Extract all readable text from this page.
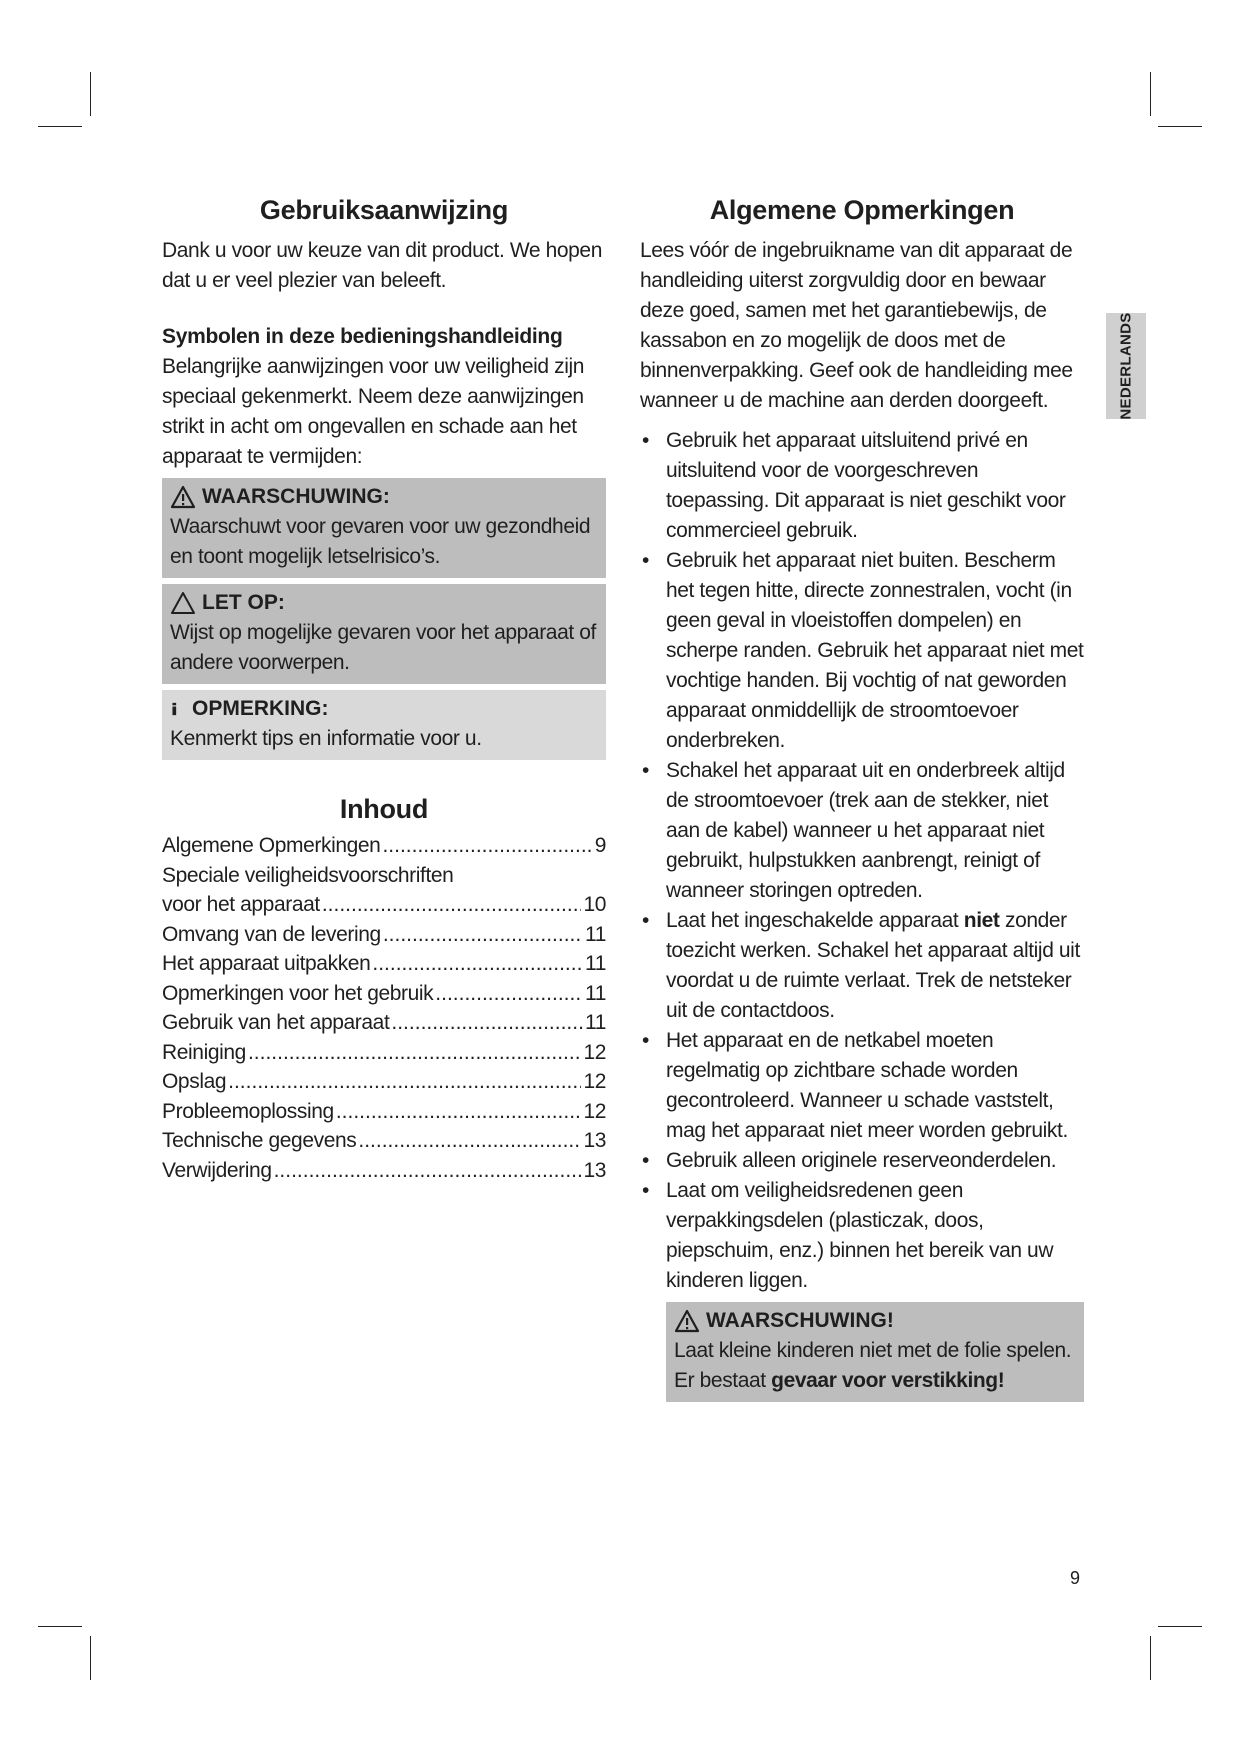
Gebruiksaanwijzing

Dank u voor uw keuze van dit product. We hopen dat u er veel plezier van beleeft.

Symbolen in deze bedieningshandleiding

Belangrijke aanwijzingen voor uw veiligheid zijn speciaal gekenmerkt. Neem deze aanwijzingen strikt in acht om ongevallen en schade aan het apparaat te vermijden:

WAARSCHUWING:
Waarschuwt voor gevaren voor uw gezondheid en toont mogelijk letselrisico’s.
LET OP:
Wijst op mogelijke gevaren voor het apparaat of andere voorwerpen.
OPMERKING:
Kenmerkt tips en informatie voor u.
Inhoud
Algemene Opmerkingen .....	9
Speciale veiligheidsvoorschriften
voor het apparaat .....	10
Omvang van de levering .....	11
Het apparaat uitpakken .....	11
Opmerkingen voor het gebruik .....	11
Gebruik van het apparaat .....	11
Reiniging .....	12
Opslag .....	12
Probleemoplossing .....	12
Technische gegevens .....	13
Verwijdering .....	13
Algemene Opmerkingen

Lees vóór de ingebruikname van dit apparaat de handleiding uiterst zorgvuldig door en bewaar deze goed, samen met het garantiebewijs, de kassabon en zo mogelijk de doos met de binnenverpakking. Geef ook de handleiding mee wanneer u de machine aan derden doorgeeft.

• Gebruik het apparaat uitsluitend privé en uitsluitend voor de voorgeschreven toepassing. Dit apparaat is niet geschikt voor commercieel gebruik.
• Gebruik het apparaat niet buiten. Bescherm het tegen hitte, directe zonnestralen, vocht (in geen geval in vloeistoffen dompelen) en scherpe randen. Gebruik het apparaat niet met vochtige handen. Bij vochtig of nat geworden apparaat onmiddellijk de stroomtoevoer onderbreken.
• Schakel het apparaat uit en onderbreek altijd de stroomtoevoer (trek aan de stekker, niet aan de kabel) wanneer u het apparaat niet gebruikt, hulpstukken aanbrengt, reinigt of wanneer storingen optreden.
• Laat het ingeschakelde apparaat niet zonder toezicht werken. Schakel het apparaat altijd uit voordat u de ruimte verlaat. Trek de netsteker uit de contactdoos.
• Het apparaat en de netkabel moeten regelmatig op zichtbare schade worden gecontroleerd. Wanneer u schade vaststelt, mag het apparaat niet meer worden gebruikt.
• Gebruik alleen originele reserveonderdelen.
• Laat om veiligheidsredenen geen verpakkingsdelen (plasticzak, doos, piepschuim, enz.) binnen het bereik van uw kinderen liggen.
WAARSCHUWING!
Laat kleine kinderen niet met de folie spelen.
Er bestaat gevaar voor verstikking!
NEDERLANDS
9
